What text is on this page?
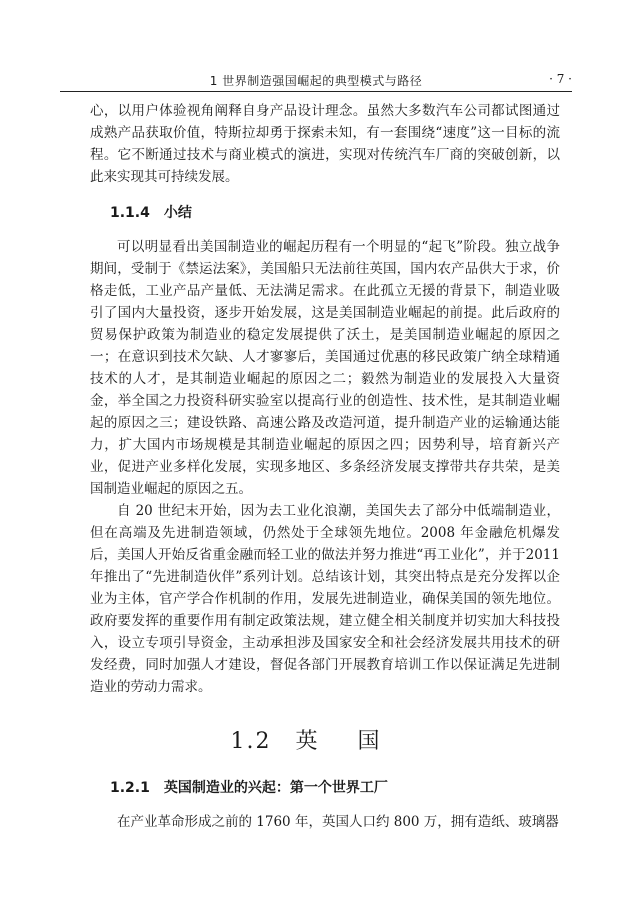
1 世界制造强国崛起的典型模式与路径	· 7 ·

心，以用户体验视角阐释自身产品设计理念。虽然大多数汽车公司都试图通过成熟产品获取价值，特斯拉却勇于探索未知，有一套围绕“速度”这一目标的流程。它不断通过技术与商业模式的演进，实现对传统汽车厂商的突破创新，以此来实现其可持续发展。

1.1.4 小结

可以明显看出美国制造业的崛起历程有一个明显的“起飞”阶段。独立战争期间，受制于《禁运法案》，美国船只无法前往英国，国内农产品供大于求，价格走低，工业产品产量低、无法满足需求。在此孤立无援的背景下，制造业吸引了国内大量投资，逐步开始发展，这是美国制造业崛起的前提。此后政府的贸易保护政策为制造业的稳定发展提供了沃土，是美国制造业崛起的原因之一；在意识到技术欠缺、人才寥寥后，美国通过优惠的移民政策广纳全球精通技术的人才，是其制造业崛起的原因之二；毅然为制造业的发展投入大量资金，举全国之力投资科研实验室以提高行业的创造性、技术性，是其制造业崛起的原因之三；建设铁路、高速公路及改造河道，提升制造产业的运输通达能力，扩大国内市场规模是其制造业崛起的原因之四；因势利导，培育新兴产业，促进产业多样化发展，实现多地区、多条经济发展支撑带共存共荣，是美国制造业崛起的原因之五。

自 20 世纪末开始，因为去工业化浪潮，美国失去了部分中低端制造业，但在高端及先进制造领域，仍然处于全球领先地位。2008 年金融危机爆发后，美国人开始反省重金融而轻工业的做法并努力推进“再工业化”，并于2011 年推出了“先进制造伙伴”系列计划。总结该计划，其突出特点是充分发挥以企业为主体，官产学合作机制的作用，发展先进制造业，确保美国的领先地位。政府要发挥的重要作用有制定政策法规，建立健全相关制度并切实加大科技投入，设立专项引导资金，主动承担涉及国家安全和社会经济发展共用技术的研发经费，同时加强人才建设，督促各部门开展教育培训工作以保证满足先进制造业的劳动力需求。

1.2 英国
1.2.1 英国制造业的兴起：第一个世界工厂

在产业革命形成之前的 1760 年，英国人口约 800 万，拥有造纸、玻璃器
